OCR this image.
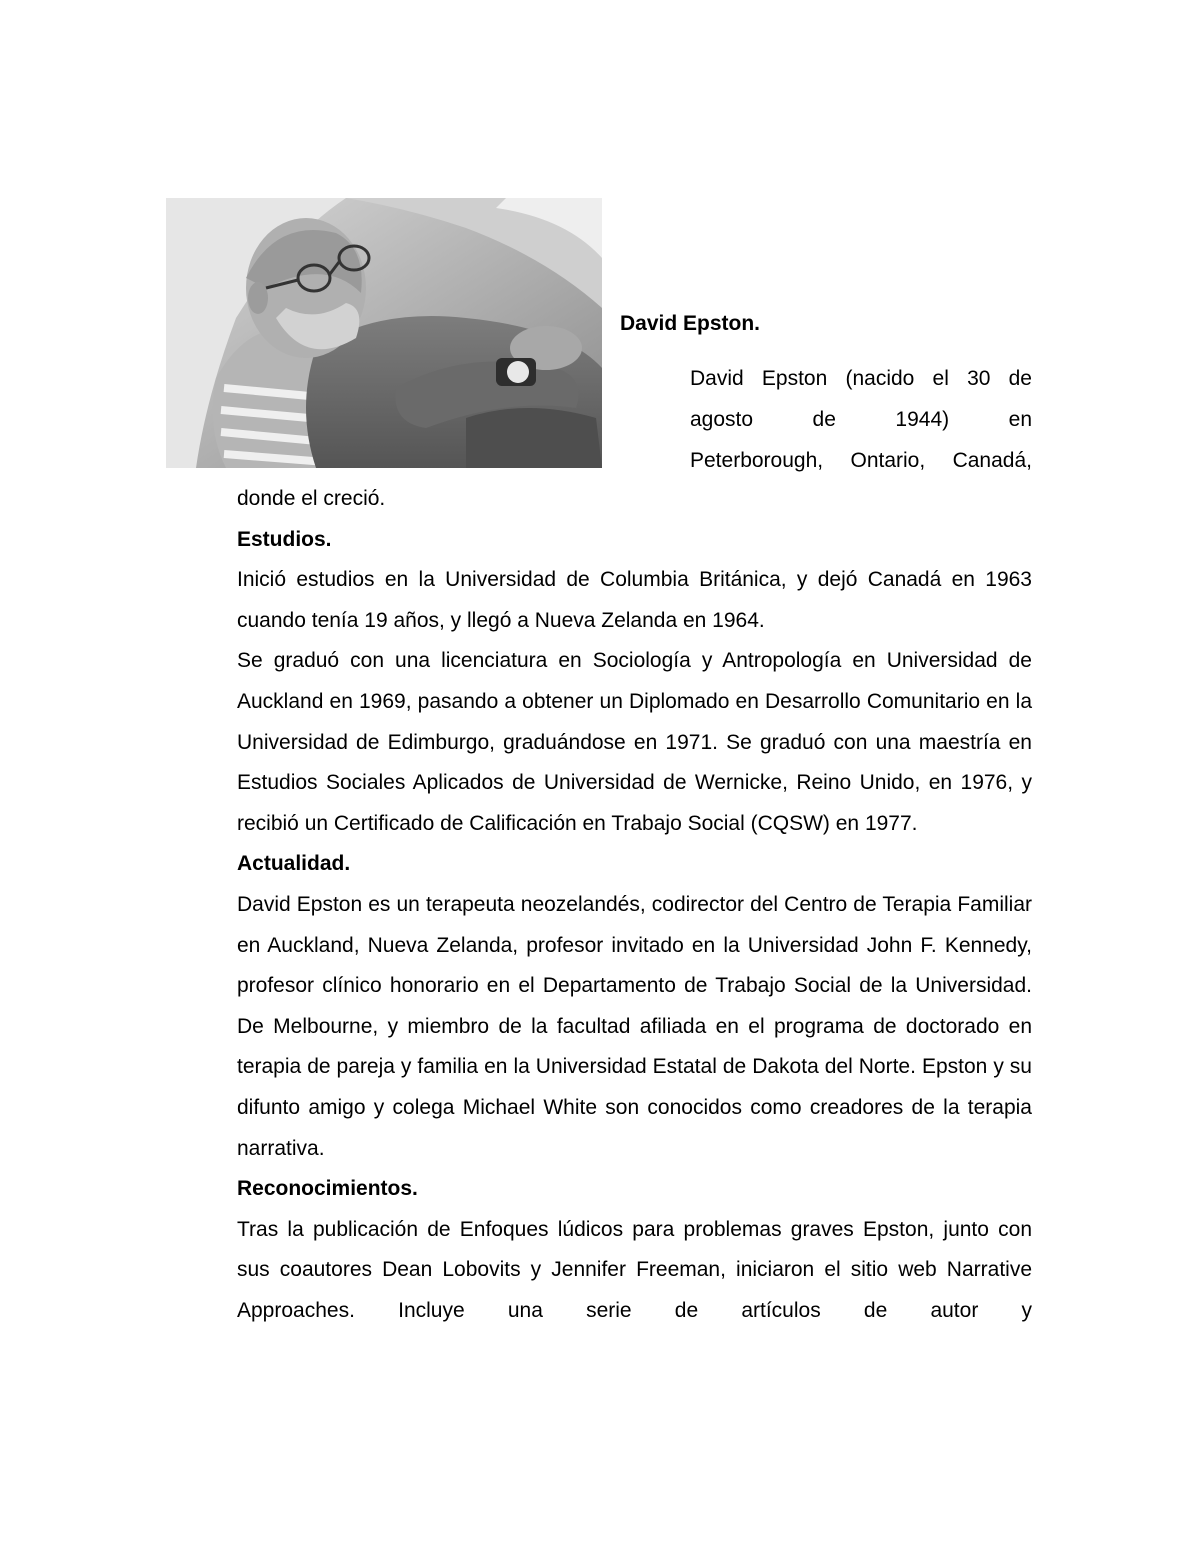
David Epston.
David Epston (nacido el 30 de
agosto de 1944) en
Peterborough, Ontario, Canadá,

donde el creció.

Estudios.

Inició estudios en la Universidad de Columbia Británica, y dejó Canadá en 1963 cuando tenía 19 años, y llegó a Nueva Zelanda en 1964.

Se graduó con una licenciatura en Sociología y Antropología en Universidad de Auckland en 1969, pasando a obtener un Diplomado en Desarrollo Comunitario en la Universidad de Edimburgo, graduándose en 1971. Se graduó con una maestría en Estudios Sociales Aplicados de Universidad de Wernicke, Reino Unido, en 1976, y recibió un Certificado de Calificación en Trabajo Social (CQSW) en 1977.

Actualidad.

David Epston es un terapeuta neozelandés, codirector del Centro de Terapia Familiar en Auckland, Nueva Zelanda, profesor invitado en la Universidad John F. Kennedy, profesor clínico honorario en el Departamento de Trabajo Social de la Universidad. De Melbourne, y miembro de la facultad afiliada en el programa de doctorado en terapia de pareja y familia en la Universidad Estatal de Dakota del Norte. Epston y su difunto amigo y colega Michael White son conocidos como creadores de la terapia narrativa.

Reconocimientos.

Tras la publicación de Enfoques lúdicos para problemas graves Epston, junto con sus coautores Dean Lobovits y Jennifer Freeman, iniciaron el sitio web Narrative Approaches. Incluye una serie de artículos de autor y
